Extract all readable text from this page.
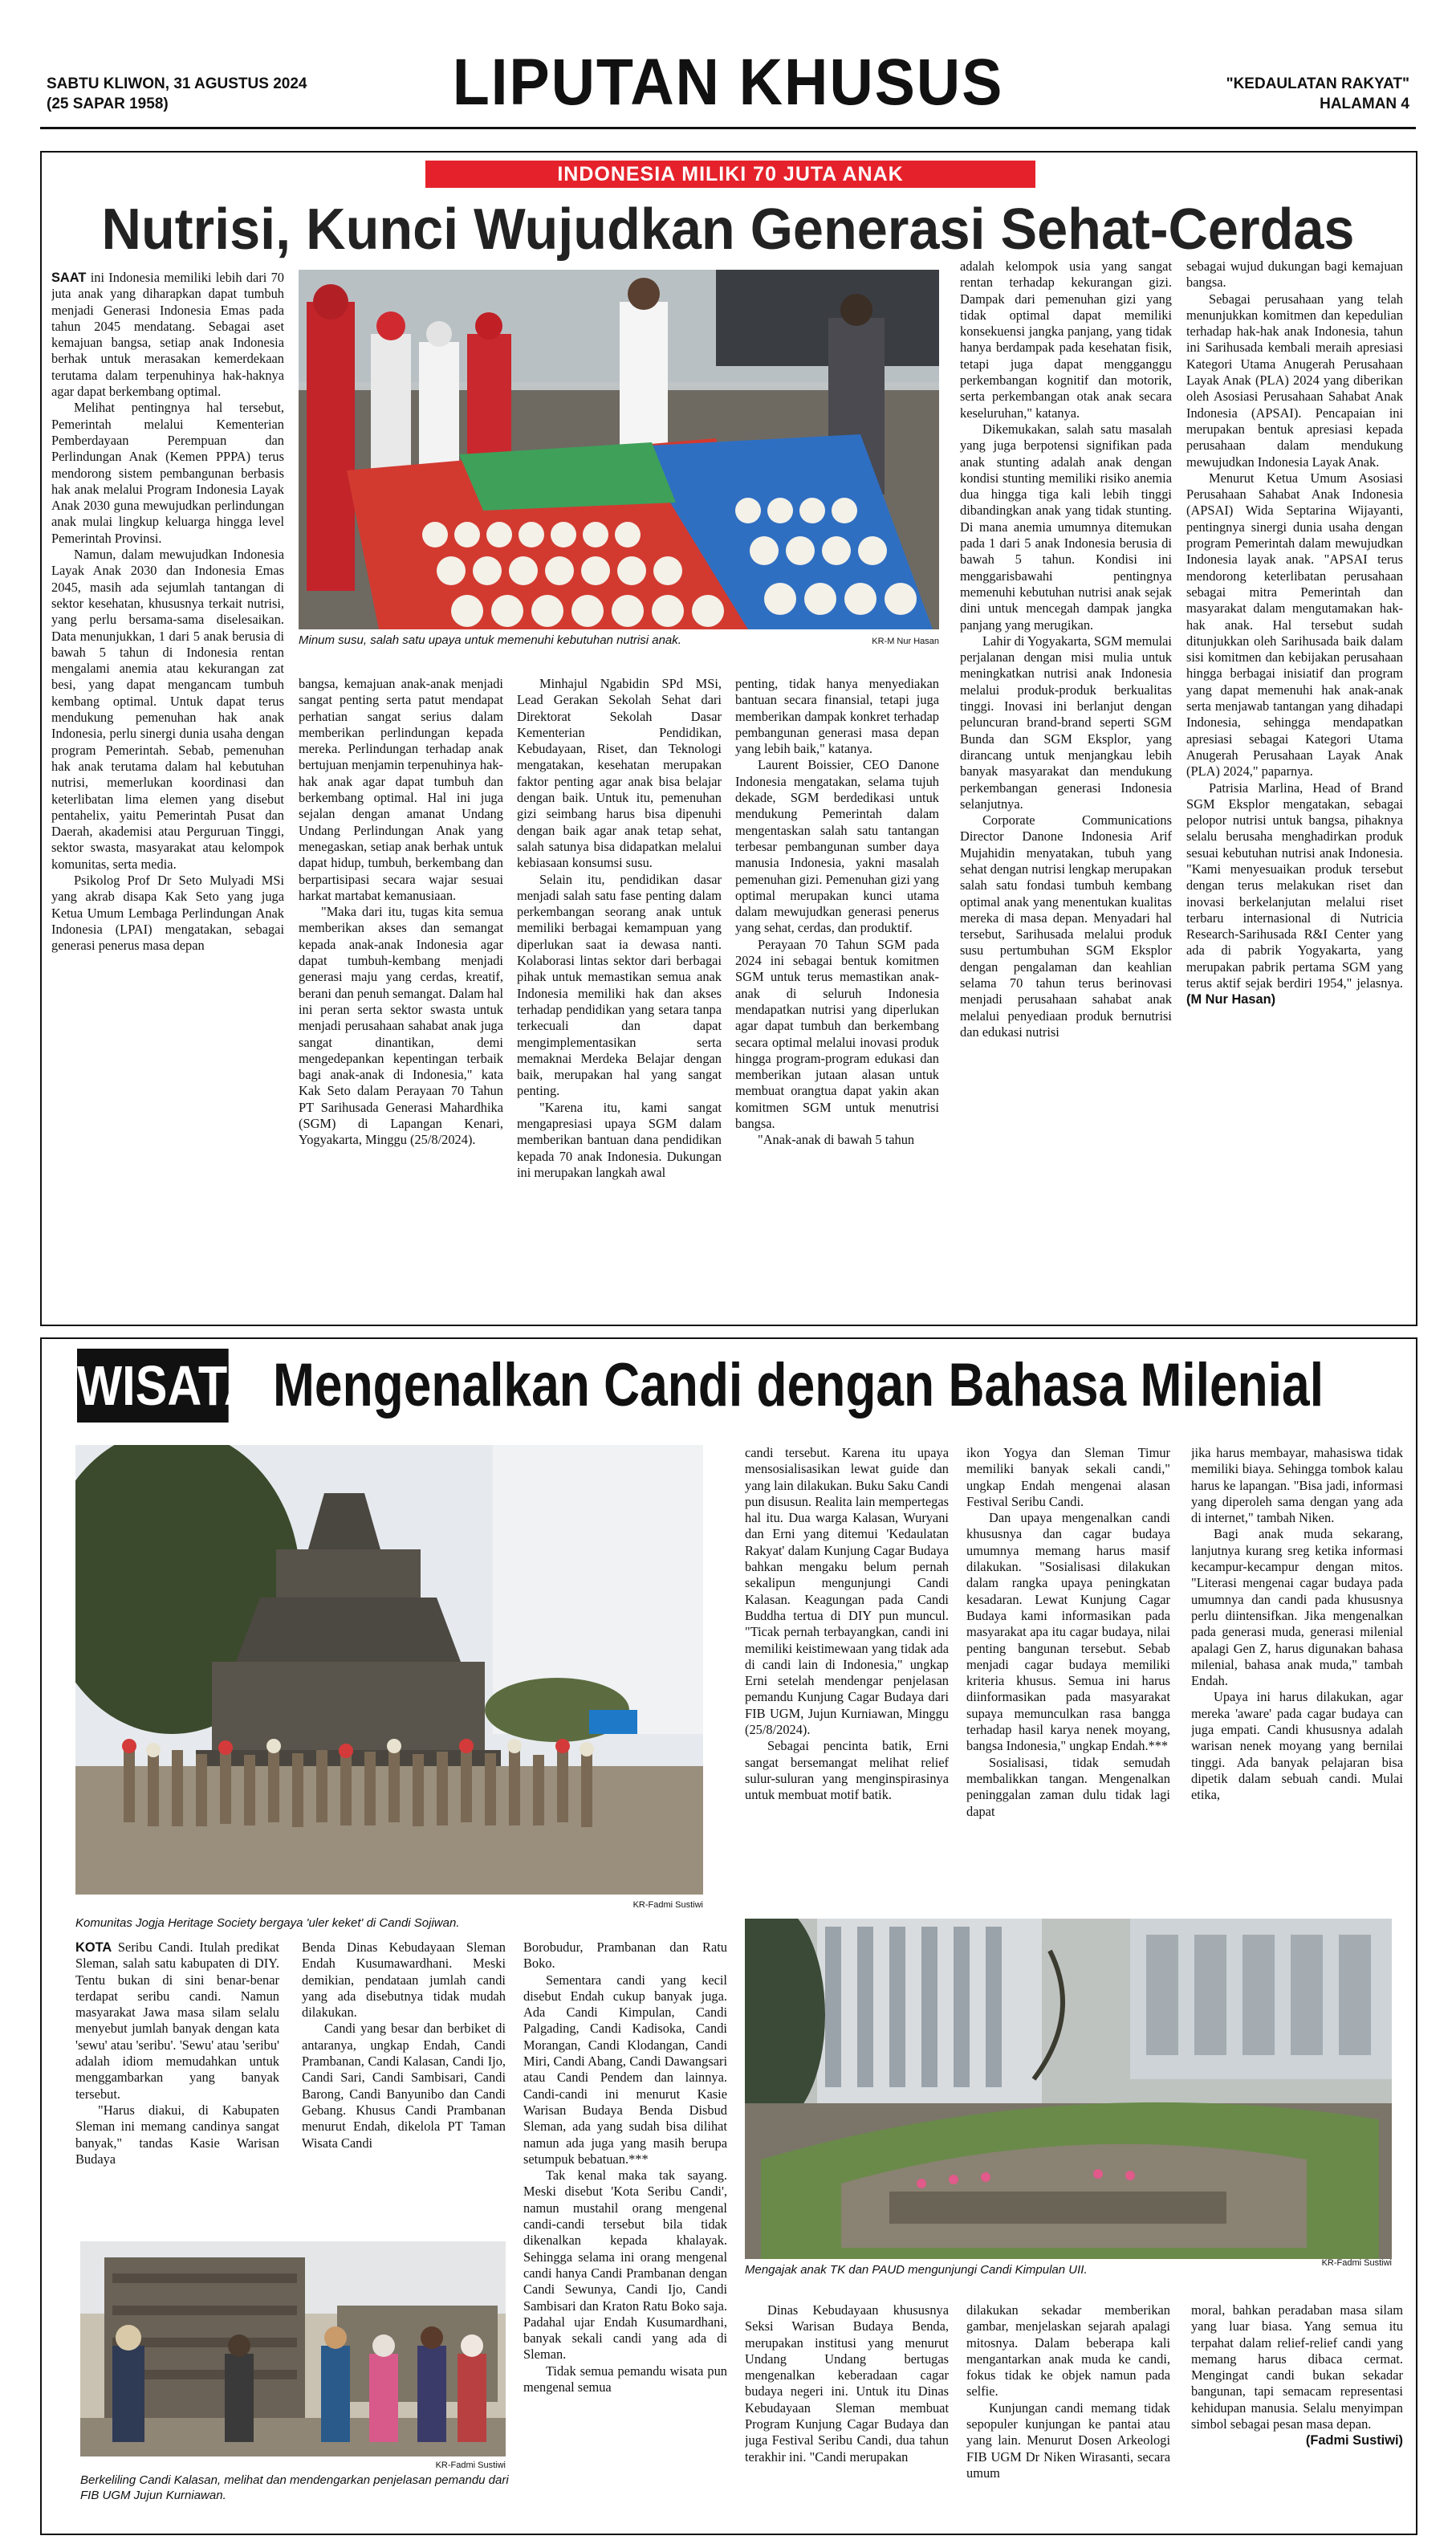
SABTU KLIWON, 31 AGUSTUS 2024
(25 SAPAR 1958)	LIPUTAN KHUSUS	"KEDAULATAN RAKYAT"
HALAMAN 4
INDONESIA MILIKI 70 JUTA ANAK
Nutrisi, Kunci Wujudkan Generasi Sehat-Cerdas
Minum susu, salah satu upaya untuk memenuhi kebutuhan nutrisi anak.	KR-M Nur Hasan

SAAT ini Indonesia memiliki lebih dari 70 juta anak yang diharapkan dapat tumbuh menjadi Generasi Indonesia Emas pada tahun 2045 mendatang. Sebagai aset kemajuan bangsa, setiap anak Indonesia berhak untuk merasakan kemerdekaan terutama dalam terpenuhinya hak-haknya agar dapat berkembang optimal.

Melihat pentingnya hal tersebut, Pemerintah melalui Kementerian Pemberdayaan Perempuan dan Perlindungan Anak (Kemen PPPA) terus mendorong sistem pembangunan berbasis hak anak melalui Program Indonesia Layak Anak 2030 guna mewujudkan perlindungan anak mulai lingkup keluarga hingga level Pemerintah Provinsi.

Namun, dalam mewujudkan Indonesia Layak Anak 2030 dan Indonesia Emas 2045, masih ada sejumlah tantangan di sektor kesehatan, khususnya terkait nutrisi, yang perlu bersama-sama diselesaikan. Data menunjukkan, 1 dari 5 anak berusia di bawah 5 tahun di Indonesia rentan mengalami anemia atau kekurangan zat besi, yang dapat mengancam tumbuh kembang optimal. Untuk dapat terus mendukung pemenuhan hak anak Indonesia, perlu sinergi dunia usaha dengan program Pemerintah. Sebab, pemenuhan hak anak terutama dalam hal kebutuhan nutrisi, memerlukan koordinasi dan keterlibatan lima elemen yang disebut pentahelix, yaitu Pemerintah Pusat dan Daerah, akademisi atau Perguruan Tinggi, sektor swasta, masyarakat atau kelompok komunitas, serta media.

Psikolog Prof Dr Seto Mulyadi MSi yang akrab disapa Kak Seto yang juga Ketua Umum Lembaga Perlindungan Anak Indonesia (LPAI) mengatakan, sebagai generasi penerus masa depan

bangsa, kemajuan anak-anak menjadi sangat penting serta patut mendapat perhatian sangat serius dalam memberikan perlindungan kepada mereka. Perlindungan terhadap anak bertujuan menjamin terpenuhinya hak-hak anak agar dapat tumbuh dan berkembang optimal. Hal ini juga sejalan dengan amanat Undang Undang Perlindungan Anak yang menegaskan, setiap anak berhak untuk dapat hidup, tumbuh, berkembang dan berpartisipasi secara wajar sesuai harkat martabat kemanusiaan.

"Maka dari itu, tugas kita semua memberikan akses dan semangat kepada anak-anak Indonesia agar dapat tumbuh-kembang menjadi generasi maju yang cerdas, kreatif, berani dan penuh semangat. Dalam hal ini peran serta sektor swasta untuk menjadi perusahaan sahabat anak juga sangat dinantikan, demi mengedepankan kepentingan terbaik bagi anak-anak di Indonesia," kata Kak Seto dalam Perayaan 70 Tahun PT Sarihusada Generasi Mahardhika (SGM) di Lapangan Kenari, Yogyakarta, Minggu (25/8/2024).

Minhajul Ngabidin SPd MSi, Lead Gerakan Sekolah Sehat dari Direktorat Sekolah Dasar Kementerian Pendidikan, Kebudayaan, Riset, dan Teknologi mengatakan, kesehatan merupakan faktor penting agar anak bisa belajar dengan baik. Untuk itu, pemenuhan gizi seimbang harus bisa dipenuhi dengan baik agar anak tetap sehat, salah satunya bisa didapatkan melalui kebiasaan konsumsi susu.

Selain itu, pendidikan dasar menjadi salah satu fase penting dalam perkembangan seorang anak untuk memiliki berbagai kemampuan yang diperlukan saat ia dewasa nanti. Kolaborasi lintas sektor dari berbagai pihak untuk memastikan semua anak Indonesia memiliki hak dan akses terhadap pendidikan yang setara tanpa terkecuali dan dapat mengimplementasikan serta memaknai Merdeka Belajar dengan baik, merupakan hal yang sangat penting.

"Karena itu, kami sangat mengapresiasi upaya SGM dalam memberikan bantuan dana pendidikan kepada 70 anak Indonesia. Dukungan ini merupakan langkah awal

penting, tidak hanya menyediakan bantuan secara finansial, tetapi juga memberikan dampak konkret terhadap pembangunan generasi masa depan yang lebih baik," katanya.

Laurent Boissier, CEO Danone Indonesia mengatakan, selama tujuh dekade, SGM berdedikasi untuk mendukung Pemerintah dalam mengentaskan salah satu tantangan terbesar pembangunan sumber daya manusia Indonesia, yakni masalah pemenuhan gizi. Pemenuhan gizi yang optimal merupakan kunci utama dalam mewujudkan generasi penerus yang sehat, cerdas, dan produktif.

Perayaan 70 Tahun SGM pada 2024 ini sebagai bentuk komitmen SGM untuk terus memastikan anak-anak di seluruh Indonesia mendapatkan nutrisi yang diperlukan agar dapat tumbuh dan berkembang secara optimal melalui inovasi produk hingga program-program edukasi dan memberikan jutaan alasan untuk membuat orangtua dapat yakin akan komitmen SGM untuk menutrisi bangsa.

"Anak-anak di bawah 5 tahun

adalah kelompok usia yang sangat rentan terhadap kekurangan gizi. Dampak dari pemenuhan gizi yang tidak optimal dapat memiliki konsekuensi jangka panjang, yang tidak hanya berdampak pada kesehatan fisik, tetapi juga dapat mengganggu perkembangan kognitif dan motorik, serta perkembangan otak anak secara keseluruhan," katanya.

Dikemukakan, salah satu masalah yang juga berpotensi signifikan pada anak stunting adalah anak dengan kondisi stunting memiliki risiko anemia dua hingga tiga kali lebih tinggi dibandingkan anak yang tidak stunting. Di mana anemia umumnya ditemukan pada 1 dari 5 anak Indonesia berusia di bawah 5 tahun. Kondisi ini menggarisbawahi pentingnya memenuhi kebutuhan nutrisi anak sejak dini untuk mencegah dampak jangka panjang yang merugikan.

Lahir di Yogyakarta, SGM memulai perjalanan dengan misi mulia untuk meningkatkan nutrisi anak Indonesia melalui produk-produk berkualitas tinggi. Inovasi ini berlanjut dengan peluncuran brand-brand seperti SGM Bunda dan SGM Eksplor, yang dirancang untuk menjangkau lebih banyak masyarakat dan mendukung perkembangan generasi Indonesia selanjutnya.

Corporate Communications Director Danone Indonesia Arif Mujahidin menyatakan, tubuh yang sehat dengan nutrisi lengkap merupakan salah satu fondasi tumbuh kembang optimal anak yang menentukan kualitas mereka di masa depan. Menyadari hal tersebut, Sarihusada melalui produk susu pertumbuhan SGM Eksplor dengan pengalaman dan keahlian selama 70 tahun terus berinovasi menjadi perusahaan sahabat anak melalui penyediaan produk bernutrisi dan edukasi nutrisi

sebagai wujud dukungan bagi kemajuan bangsa.

Sebagai perusahaan yang telah menunjukkan komitmen dan kepedulian terhadap hak-hak anak Indonesia, tahun ini Sarihusada kembali meraih apresiasi Kategori Utama Anugerah Perusahaan Layak Anak (PLA) 2024 yang diberikan oleh Asosiasi Perusahaan Sahabat Anak Indonesia (APSAI). Pencapaian ini merupakan bentuk apresiasi kepada perusahaan dalam mendukung mewujudkan Indonesia Layak Anak.

Menurut Ketua Umum Asosiasi Perusahaan Sahabat Anak Indonesia (APSAI) Wida Septarina Wijayanti, pentingnya sinergi dunia usaha dengan program Pemerintah dalam mewujudkan Indonesia layak anak. "APSAI terus mendorong keterlibatan perusahaan sebagai mitra Pemerintah dan masyarakat dalam mengutamakan hak-hak anak. Hal tersebut sudah ditunjukkan oleh Sarihusada baik dalam sisi komitmen dan kebijakan perusahaan hingga berbagai inisiatif dan program yang dapat memenuhi hak anak-anak serta menjawab tantangan yang dihadapi Indonesia, sehingga mendapatkan apresiasi sebagai Kategori Utama Anugerah Perusahaan Layak Anak (PLA) 2024," paparnya.

Patrisia Marlina, Head of Brand SGM Eksplor mengatakan, sebagai pelopor nutrisi untuk bangsa, pihaknya selalu berusaha menghadirkan produk sesuai kebutuhan nutrisi anak Indonesia. "Kami menyesuaikan produk tersebut dengan terus melakukan riset dan inovasi berkelanjutan melalui riset terbaru internasional di Nutricia Research-Sarihusada R&I Center yang ada di pabrik Yogyakarta, yang merupakan pabrik pertama SGM yang terus aktif sejak berdiri 1954," jelasnya. (M Nur Hasan)

WISATA Mengenalkan Candi dengan Bahasa Milenial
Komunitas Jogja Heritage Society bergaya 'uler keket' di Candi Sojiwan.
KR-Fadmi Sustiwi

candi tersebut. Karena itu upaya mensosialisasikan lewat guide dan yang lain dilakukan. Buku Saku Candi pun disusun. Realita lain mempertegas hal itu. Dua warga Kalasan, Wuryani dan Erni yang ditemui 'Kedaulatan Rakyat' dalam Kunjung Cagar Budaya bahkan mengaku belum pernah sekalipun mengunjungi Candi Kalasan. Keagungan pada Candi Buddha tertua di DIY pun muncul. "Ticak pernah terbayangkan, candi ini memiliki keistimewaan yang tidak ada di candi lain di Indonesia," ungkap Erni setelah mendengar penjelasan pemandu Kunjung Cagar Budaya dari FIB UGM, Jujun Kurniawan, Minggu (25/8/2024).

Sebagai pencinta batik, Erni sangat bersemangat melihat relief sulur-suluran yang menginspirasinya untuk membuat motif batik.

ikon Yogya dan Sleman Timur memiliki banyak sekali candi," ungkap Endah mengenai alasan Festival Seribu Candi.

Dan upaya mengenalkan candi khususnya dan cagar budaya umumnya memang harus masif dilakukan. "Sosialisasi dilakukan dalam rangka upaya peningkatan kesadaran. Lewat Kunjung Cagar Budaya kami informasikan pada masyarakat apa itu cagar budaya, nilai penting bangunan tersebut. Sebab menjadi cagar budaya memiliki kriteria khusus. Semua ini harus diinformasikan pada masyarakat supaya memunculkan rasa bangga terhadap hasil karya nenek moyang, bangsa Indonesia," ungkap Endah.***

Sosialisasi, tidak semudah membalikkan tangan. Mengenalkan peninggalan zaman dulu tidak lagi dapat

jika harus membayar, mahasiswa tidak memiliki biaya. Sehingga tombok kalau harus ke lapangan. "Bisa jadi, informasi yang diperoleh sama dengan yang ada di internet," tambah Niken.

Bagi anak muda sekarang, lanjutnya kurang sreg ketika informasi kecampur-kecampur dengan mitos. "Literasi mengenai cagar budaya pada umumnya dan candi pada khususnya perlu diintensifkan. Jika mengenalkan pada generasi muda, generasi milenial apalagi Gen Z, harus digunakan bahasa milenial, bahasa anak muda," tambah Endah.

Upaya ini harus dilakukan, agar mereka 'aware' pada cagar budaya can juga empati. Candi khususnya adalah warisan nenek moyang yang bernilai tinggi. Ada banyak pelajaran bisa dipetik dalam sebuah candi. Mulai etika,

KOTA Seribu Candi. Itulah predikat Sleman, salah satu kabupaten di DIY. Tentu bukan di sini benar-benar terdapat seribu candi. Namun masyarakat Jawa masa silam selalu menyebut jumlah banyak dengan kata 'sewu' atau 'seribu'. 'Sewu' atau 'seribu' adalah idiom memudahkan untuk menggambarkan yang banyak tersebut.

"Harus diakui, di Kabupaten Sleman ini memang candinya sangat banyak," tandas Kasie Warisan Budaya

Benda Dinas Kebudayaan Sleman Endah Kusumawardhani. Meski demikian, pendataan jumlah candi yang ada disebutnya tidak mudah dilakukan.

Candi yang besar dan berbiket di antaranya, ungkap Endah, Candi Prambanan, Candi Kalasan, Candi Ijo, Candi Sari, Candi Sambisari, Candi Barong, Candi Banyunibo dan Candi Gebang. Khusus Candi Prambanan menurut Endah, dikelola PT Taman Wisata Candi

Borobudur, Prambanan dan Ratu Boko.

Sementara candi yang kecil disebut Endah cukup banyak juga. Ada Candi Kimpulan, Candi Palgading, Candi Kadisoka, Candi Morangan, Candi Klodangan, Candi Miri, Candi Abang, Candi Dawangsari atau Candi Pendem dan lainnya. Candi-candi ini menurut Kasie Warisan Budaya Benda Disbud Sleman, ada yang sudah bisa dilihat namun ada juga yang masih berupa setumpuk bebatuan.***

Tak kenal maka tak sayang. Meski disebut 'Kota Seribu Candi', namun mustahil orang mengenal candi-candi tersebut bila tidak dikenalkan kepada khalayak. Sehingga selama ini orang mengenal candi hanya Candi Prambanan dengan Candi Sewunya, Candi Ijo, Candi Sambisari dan Kraton Ratu Boko saja. Padahal ujar Endah Kusumardhani, banyak sekali candi yang ada di Sleman.

Tidak semua pemandu wisata pun mengenal semua

KR-Fadmi Sustiwi
Berkeliling Candi Kalasan, melihat dan mendengarkan penjelasan pemandu dari FIB UGM Jujun Kurniawan.
Mengajak anak TK dan PAUD mengunjungi Candi Kimpulan UII.	KR-Fadmi Sustiwi

Dinas Kebudayaan khususnya Seksi Warisan Budaya Benda, merupakan institusi yang menurut Undang Undang bertugas mengenalkan keberadaan cagar budaya negeri ini. Untuk itu Dinas Kebudayaan Sleman membuat Program Kunjung Cagar Budaya dan juga Festival Seribu Candi, dua tahun terakhir ini. "Candi merupakan

dilakukan sekadar memberikan gambar, menjelaskan sejarah apalagi mitosnya. Dalam beberapa kali mengantarkan anak muda ke candi, fokus tidak ke objek namun pada selfie.

Kunjungan candi memang tidak sepopuler kunjungan ke pantai atau yang lain. Menurut Dosen Arkeologi FIB UGM Dr Niken Wirasanti, secara umum

moral, bahkan peradaban masa silam yang luar biasa. Yang semua itu terpahat dalam relief-relief candi yang memang harus dibaca cermat. Mengingat candi bukan sekadar bangunan, tapi semacam representasi kehidupan manusia. Selalu menyimpan simbol sebagai pesan masa depan.
(Fadmi Sustiwi)
